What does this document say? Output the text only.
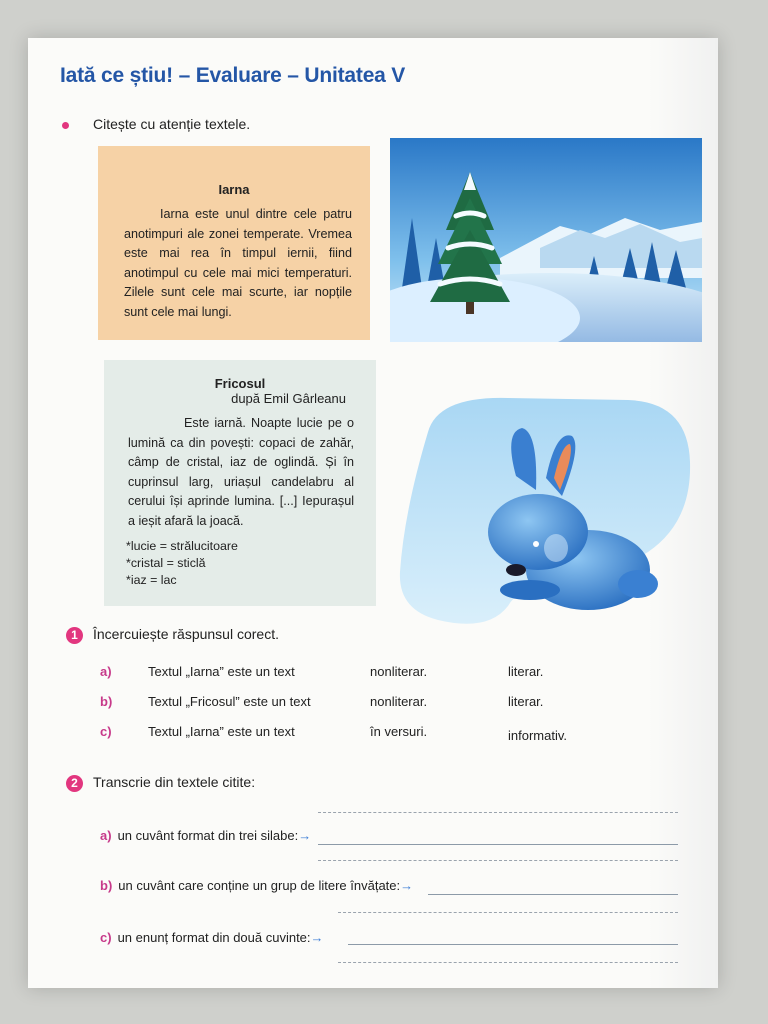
Iată ce știu! – Evaluare – Unitatea V
Citește cu atenție textele.
Iarna
Iarna este unul dintre cele patru anotimpuri ale zonei temperate. Vremea este mai rea în timpul iernii, fiind anotimpul cu cele mai mici temperaturi. Zilele sunt cele mai scurte, iar nopțile sunt cele mai lungi.
Fricosul
după Emil Gârleanu
Este iarnă. Noapte lucie pe o lumină ca din povești: copaci de zahăr, câmp de cristal, iaz de oglindă. Și în cuprinsul larg, uriașul candelabru al cerului își aprinde lumina. [...] Iepurașul a ieșit afară la joacă.
*lucie = strălucitoare
*cristal = sticlă
*iaz = lac
1 Încercuiește răspunsul corect.
a)	Textul „Iarna” este un text	nonliterar.	literar.
b)	Textul „Fricosul” este un text	nonliterar.	literar.
c)	Textul „Iarna” este un text	în versuri.	informativ.
2 Transcrie din textele citite:
a) un cuvânt format din trei silabe:→
b) un cuvânt care conține un grup de litere învățate:→
c) un enunț format din două cuvinte:→
